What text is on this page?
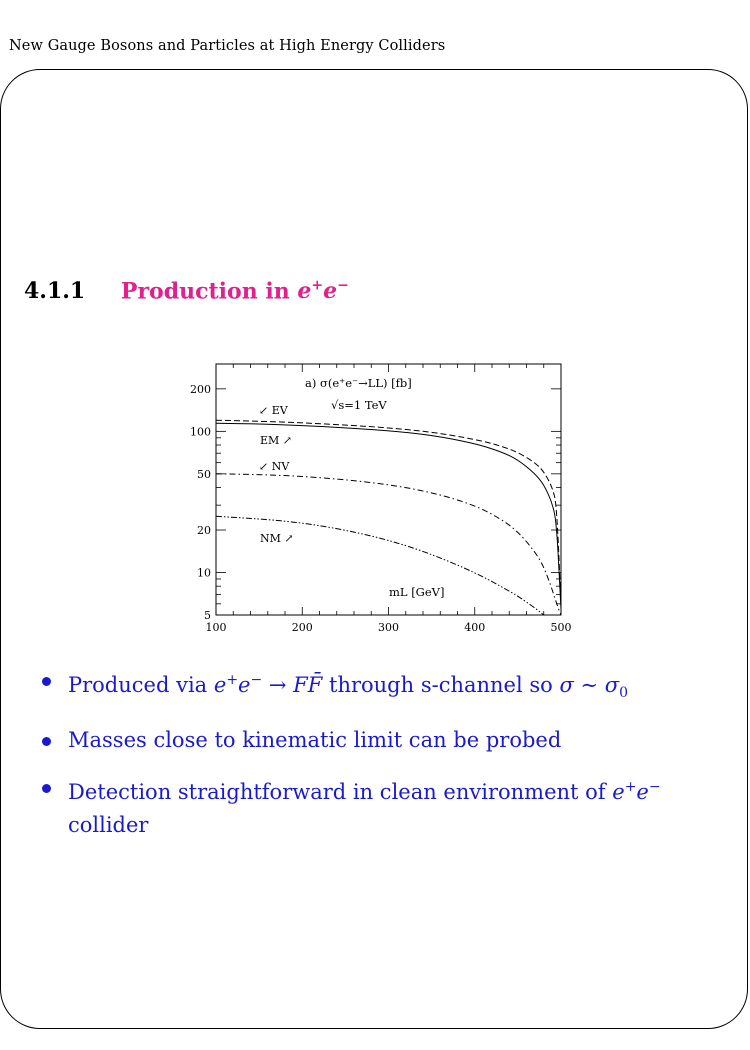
New Gauge Bosons and Particles at High Energy Colliders
4.1.1 Production in e+e−
100	200	300	400	500
5
10
20
50
100
200	a) σ(e⁺e⁻→LL) [fb]
√s=1 TeV
mL [GeV]
↙ EV
EM ↗
↙ NV
NM ↗
Produced via e+e− → FF̄ through s-channel so σ ∼ $\sigma_0$
Masses close to kinematic limit can be probed
Detection straightforward in clean environment of e+e−
collider
